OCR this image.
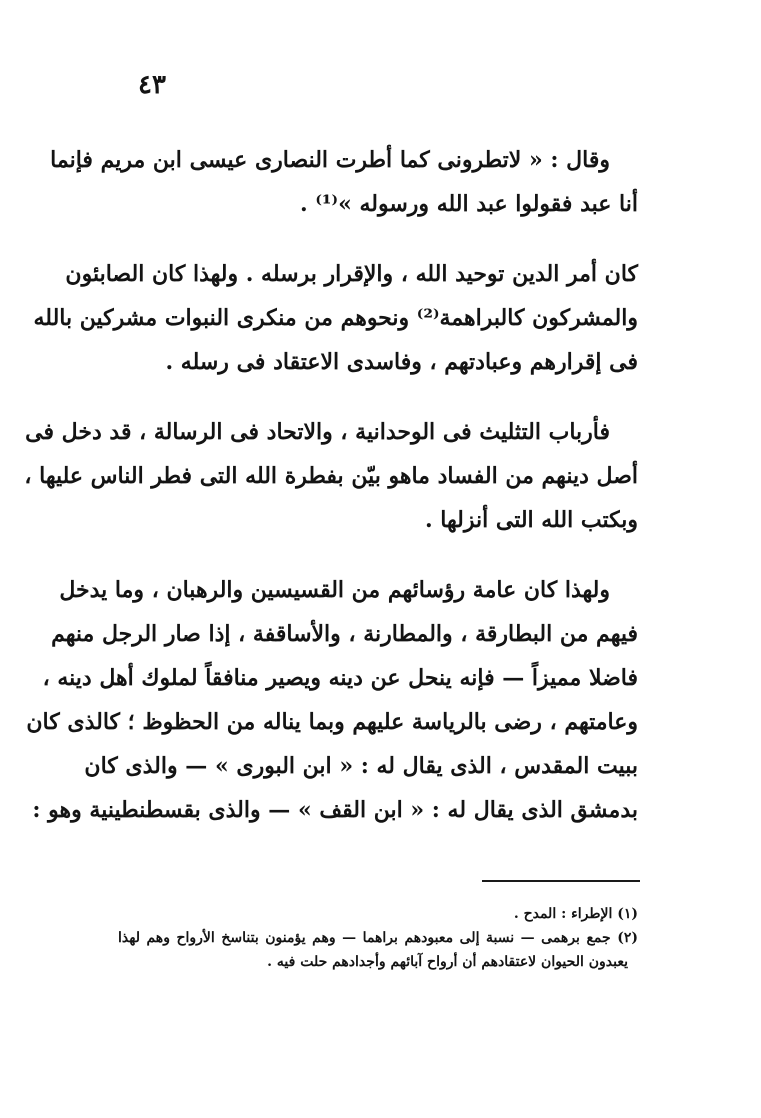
٤٣
وقال : « لاتطرونى كما أطرت النصارى عيسى ابن مريم فإنما
أنا عبد فقولوا عبد الله ورسوله »⁽¹⁾ .
كان أمر الدين توحيد الله ، والإقرار برسله . ولهذا كان الصابئون
والمشركون كالبراهمة⁽²⁾ ونحوهم من منكرى النبوات مشركين بالله
فى إقرارهم وعبادتهم ، وفاسدى الاعتقاد فى رسله .
فأرباب التثليث فى الوحدانية ، والاتحاد فى الرسالة ، قد دخل فى
أصل دينهم من الفساد ماهو بيّن بفطرة الله التى فطر الناس عليها ،
وبكتب الله التى أنزلها .
ولهذا كان عامة رؤسائهم من القسيسين والرهبان ، وما يدخل
فيهم من البطارقة ، والمطارنة ، والأساقفة ، إذا صار الرجل منهم
فاضلا مميزاً — فإنه ينحل عن دينه ويصير منافقاً لملوك أهل دينه ،
وعامتهم ، رضى بالرياسة عليهم وبما يناله من الحظوظ ؛ كالذى كان
ببيت المقدس ، الذى يقال له : « ابن البورى » — والذى كان
بدمشق الذى يقال له : « ابن القف » — والذى بقسطنطينية وهو :
(١) الإطراء : المدح .
(٢) جمع برهمى — نسبة إلى معبودهم براهما — وهم يؤمنون بتناسخ الأرواح وهم لهذا
يعبدون الحيوان لاعتقادهم أن أرواح آبائهم وأجدادهم حلت فيه .
